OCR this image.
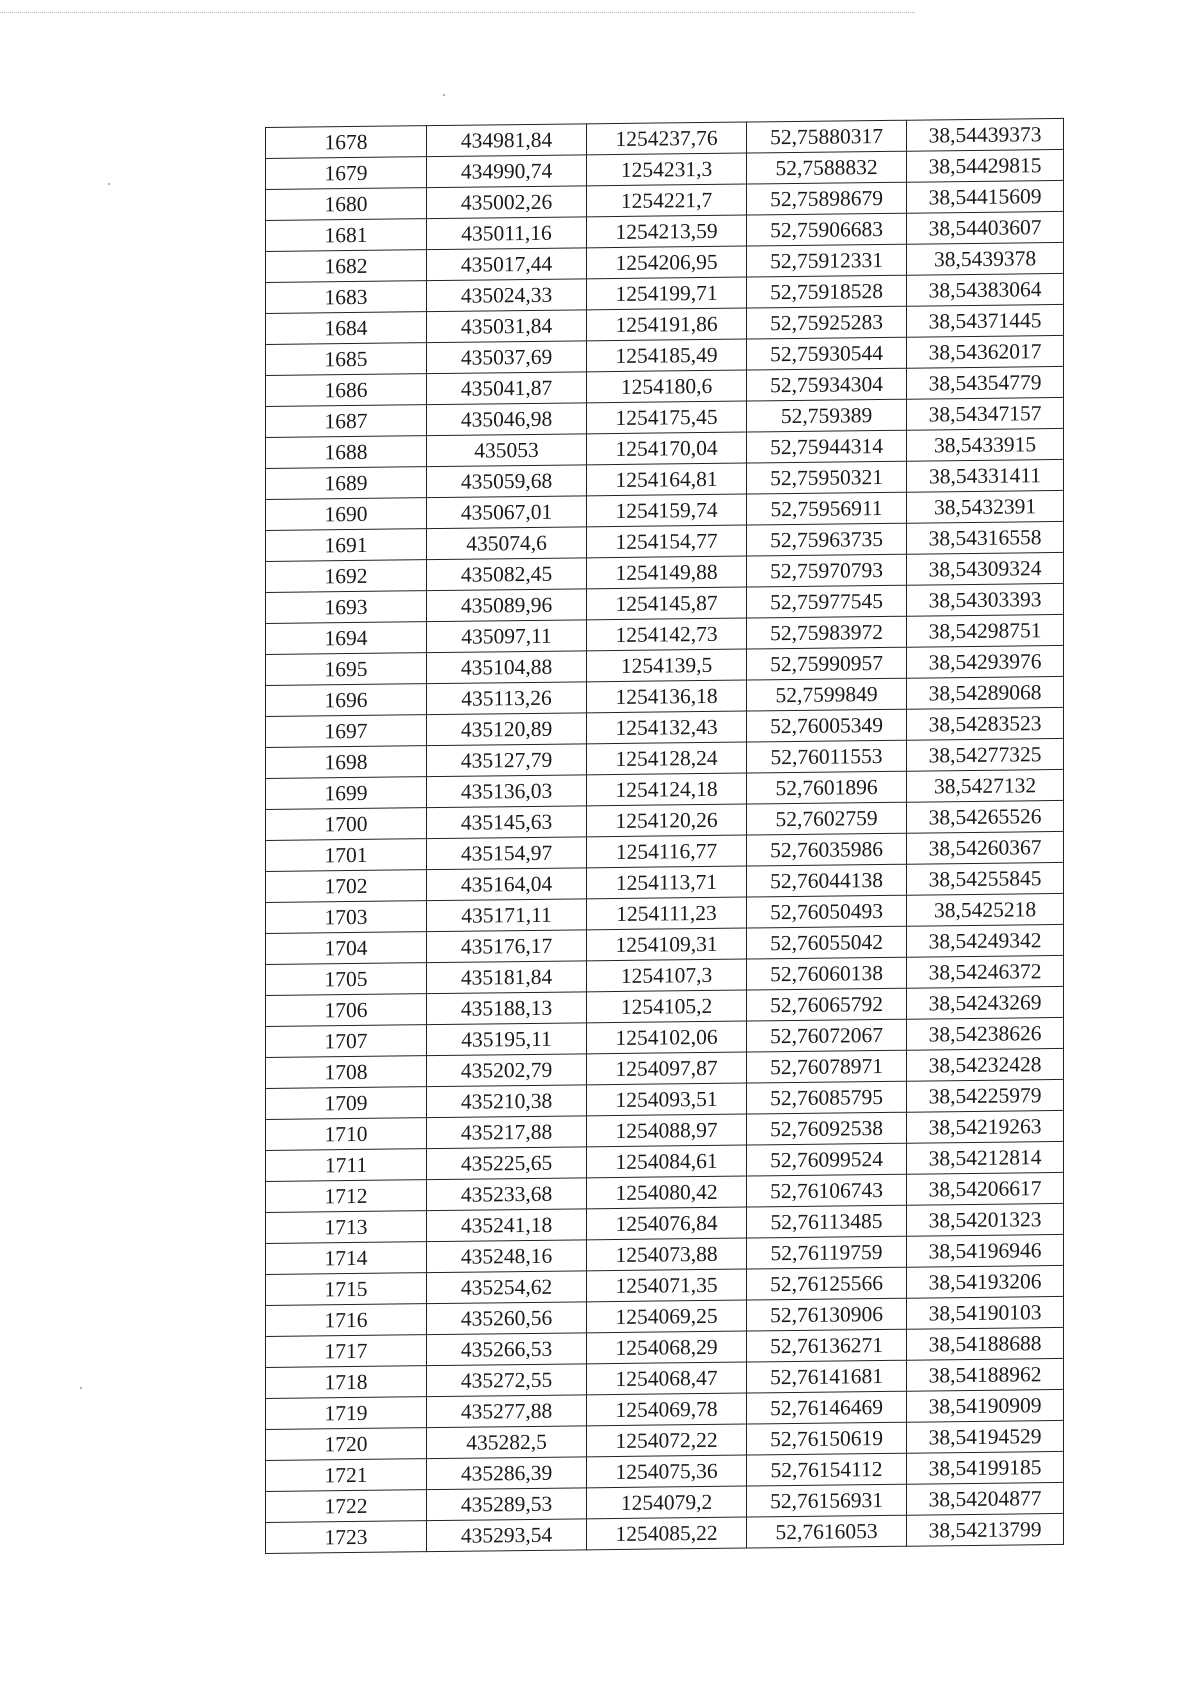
1678	434981,84	1254237,76	52,75880317	38,54439373
1679	434990,74	1254231,3	52,7588832	38,54429815
1680	435002,26	1254221,7	52,75898679	38,54415609
1681	435011,16	1254213,59	52,75906683	38,54403607
1682	435017,44	1254206,95	52,75912331	38,5439378
1683	435024,33	1254199,71	52,75918528	38,54383064
1684	435031,84	1254191,86	52,75925283	38,54371445
1685	435037,69	1254185,49	52,75930544	38,54362017
1686	435041,87	1254180,6	52,75934304	38,54354779
1687	435046,98	1254175,45	52,759389	38,54347157
1688	435053	1254170,04	52,75944314	38,5433915
1689	435059,68	1254164,81	52,75950321	38,54331411
1690	435067,01	1254159,74	52,75956911	38,5432391
1691	435074,6	1254154,77	52,75963735	38,54316558
1692	435082,45	1254149,88	52,75970793	38,54309324
1693	435089,96	1254145,87	52,75977545	38,54303393
1694	435097,11	1254142,73	52,75983972	38,54298751
1695	435104,88	1254139,5	52,75990957	38,54293976
1696	435113,26	1254136,18	52,7599849	38,54289068
1697	435120,89	1254132,43	52,76005349	38,54283523
1698	435127,79	1254128,24	52,76011553	38,54277325
1699	435136,03	1254124,18	52,7601896	38,5427132
1700	435145,63	1254120,26	52,7602759	38,54265526
1701	435154,97	1254116,77	52,76035986	38,54260367
1702	435164,04	1254113,71	52,76044138	38,54255845
1703	435171,11	1254111,23	52,76050493	38,5425218
1704	435176,17	1254109,31	52,76055042	38,54249342
1705	435181,84	1254107,3	52,76060138	38,54246372
1706	435188,13	1254105,2	52,76065792	38,54243269
1707	435195,11	1254102,06	52,76072067	38,54238626
1708	435202,79	1254097,87	52,76078971	38,54232428
1709	435210,38	1254093,51	52,76085795	38,54225979
1710	435217,88	1254088,97	52,76092538	38,54219263
1711	435225,65	1254084,61	52,76099524	38,54212814
1712	435233,68	1254080,42	52,76106743	38,54206617
1713	435241,18	1254076,84	52,76113485	38,54201323
1714	435248,16	1254073,88	52,76119759	38,54196946
1715	435254,62	1254071,35	52,76125566	38,54193206
1716	435260,56	1254069,25	52,76130906	38,54190103
1717	435266,53	1254068,29	52,76136271	38,54188688
1718	435272,55	1254068,47	52,76141681	38,54188962
1719	435277,88	1254069,78	52,76146469	38,54190909
1720	435282,5	1254072,22	52,76150619	38,54194529
1721	435286,39	1254075,36	52,76154112	38,54199185
1722	435289,53	1254079,2	52,76156931	38,54204877
1723	435293,54	1254085,22	52,7616053	38,54213799
